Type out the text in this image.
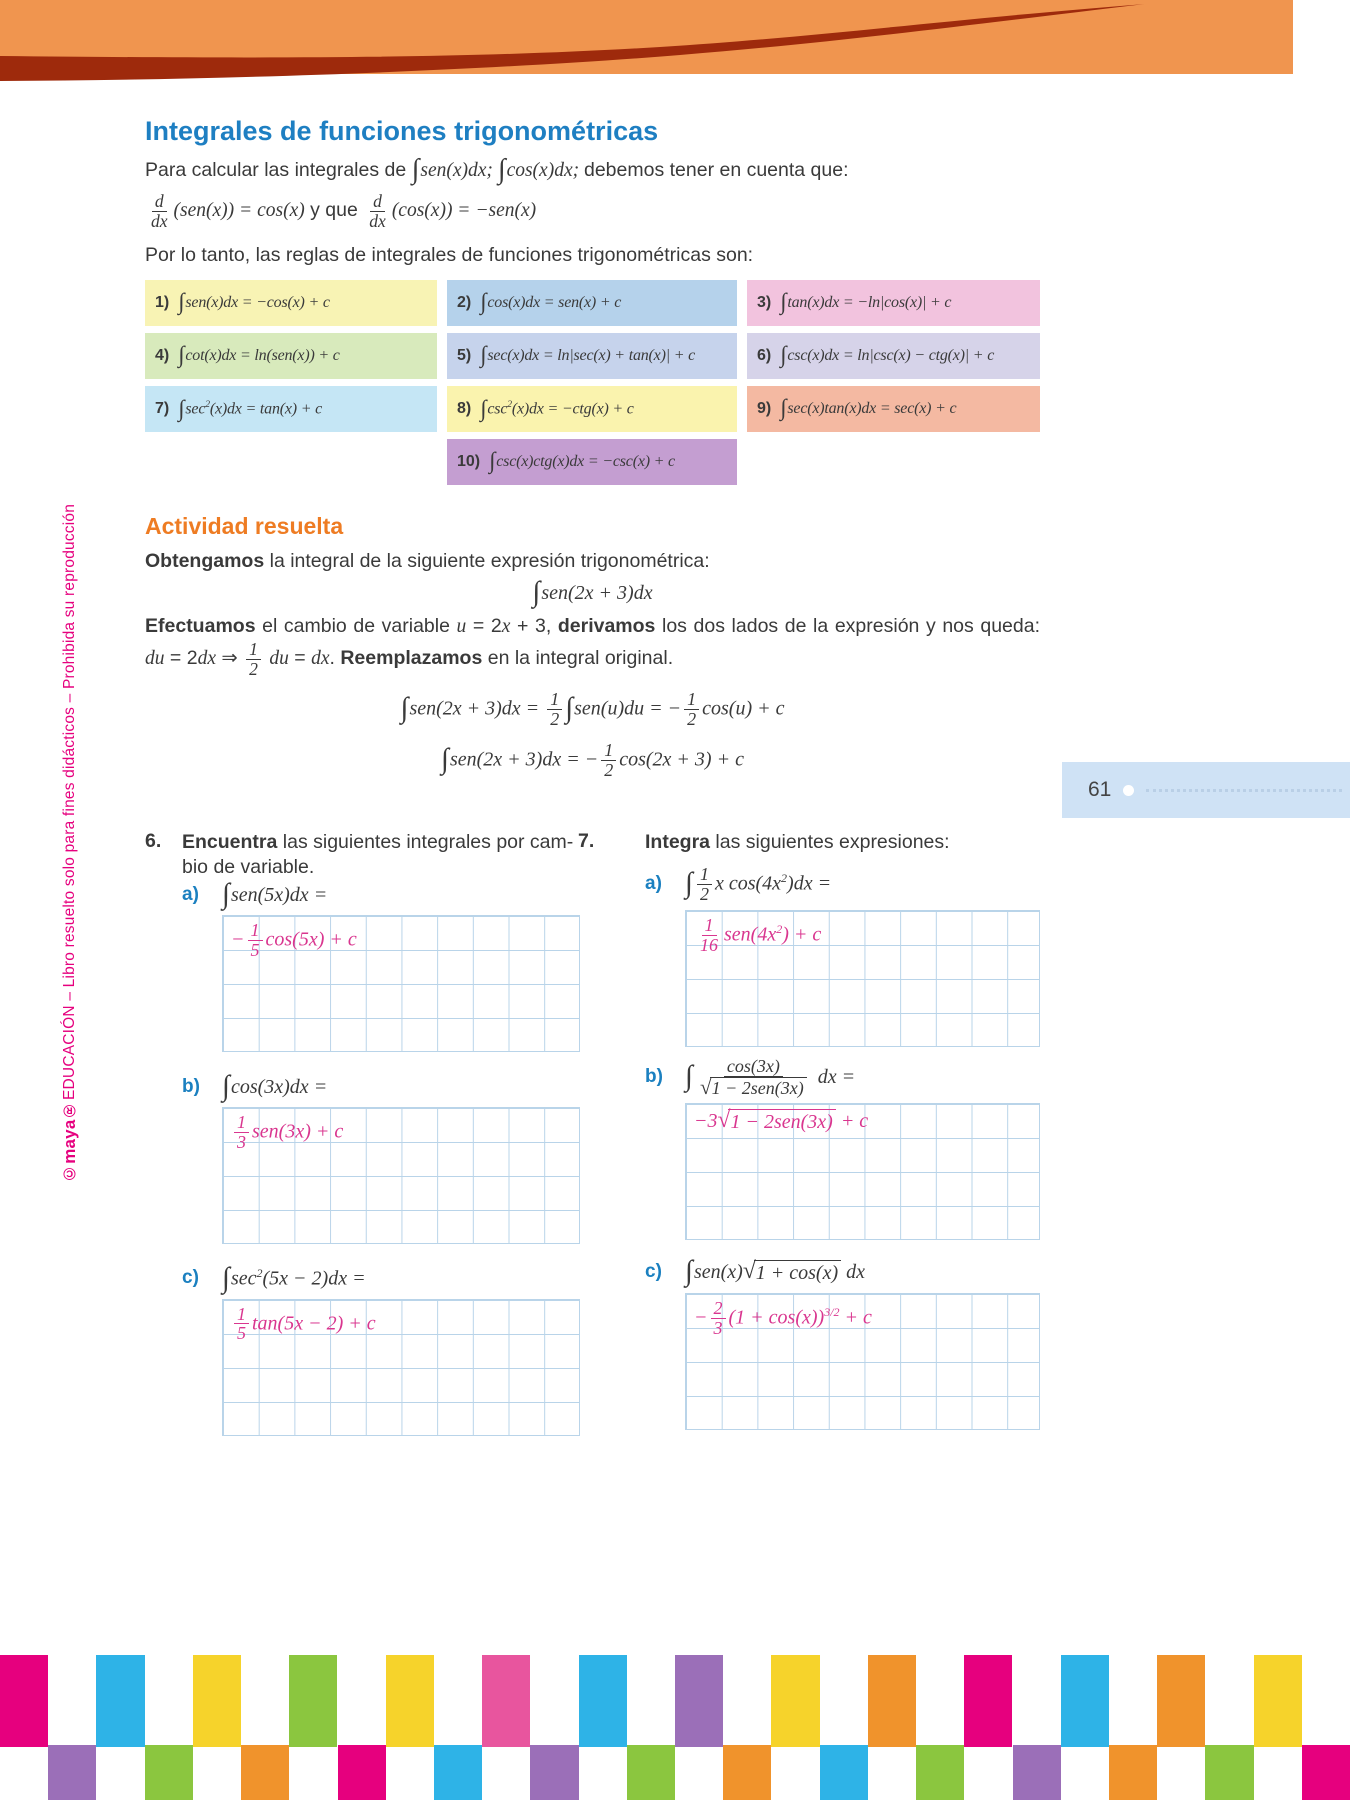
©maya
®
EDUCACIÓN – Libro resuelto solo para fines didácticos – Prohibida su reproducción
Integrales de funciones trigonométricas

Para calcular las integrales de ∫sen(x)dx; ∫cos(x)dx; debemos tener en cuenta que:

$\frac{d}{dx} (sen(x)) = \cos(x)$ y que $\frac{d}{dx} (\cos(x)) = -sen(x)$

Por lo tanto, las reglas de integrales de funciones trigonométricas son:

1) ∫sen(x)dx = −cos(x) + c	2) ∫cos(x)dx = sen(x) + c	3) ∫tan(x)dx = −ln|cos(x)| + c
4) ∫cot(x)dx = ln(sen(x)) + c	5) ∫sec(x)dx = ln|sec(x) + tan(x)| + c	6) ∫csc(x)dx = ln|csc(x) − ctg(x)| + c
7) $\int\sec^2(x)dx = \tan(x) + c$	8) $\int\csc^2(x)dx = -ctg(x) + c$	9) ∫sec(x)tan(x)dx = sec(x) + c
10) ∫csc(x)ctg(x)dx = −csc(x) + c
Actividad resuelta

Obtengamos la integral de la siguiente expresión trigonométrica:

∫sen(2x + 3)dx

Efectuamos el cambio de variable u = 2x + 3, derivamos los dos lados de la expresión y nos queda: du = 2dx ⇒ $\frac{1}{2}$ du = dx. Reemplazamos en la integral original.

$\int sen(2x + 3)dx = \frac{1}{2} \int sen(u)du$ = − $\frac{1}{2} \cos(u) + c$
∫sen(2x + 3)dx = − $\frac{1}{2} \cos(2x + 3) + c$
61
6.	Encuentra las siguientes integrales por cam-
bio de variable.
a) ∫sen(5x)dx =
− $\frac{1}{5} \cos(5x) + c$
b) ∫cos(3x)dx =
$\frac{1}{3} sen(3x) + c$
c) $\int\sec^2(5x - 2)dx$ =
$\frac{1}{5} \tan(5x - 2) + c$
7.	Integra las siguientes expresiones:
a) ∫ $\frac{1}{2}$ x $\cos(4x^2)dx$ =
$\frac{1}{16} sen(4x^2) + c$
b) ∫ $\frac{\cos(3x)}{\text{√ 1 − 2sen(3x)}}$ dx =
−3 √ 1 − 2sen(3x) + c
c) ∫sen(x) √ 1 + cos(x) dx
− $\frac{2}{3} (1 + \cos(x))^{3/2} + c$
